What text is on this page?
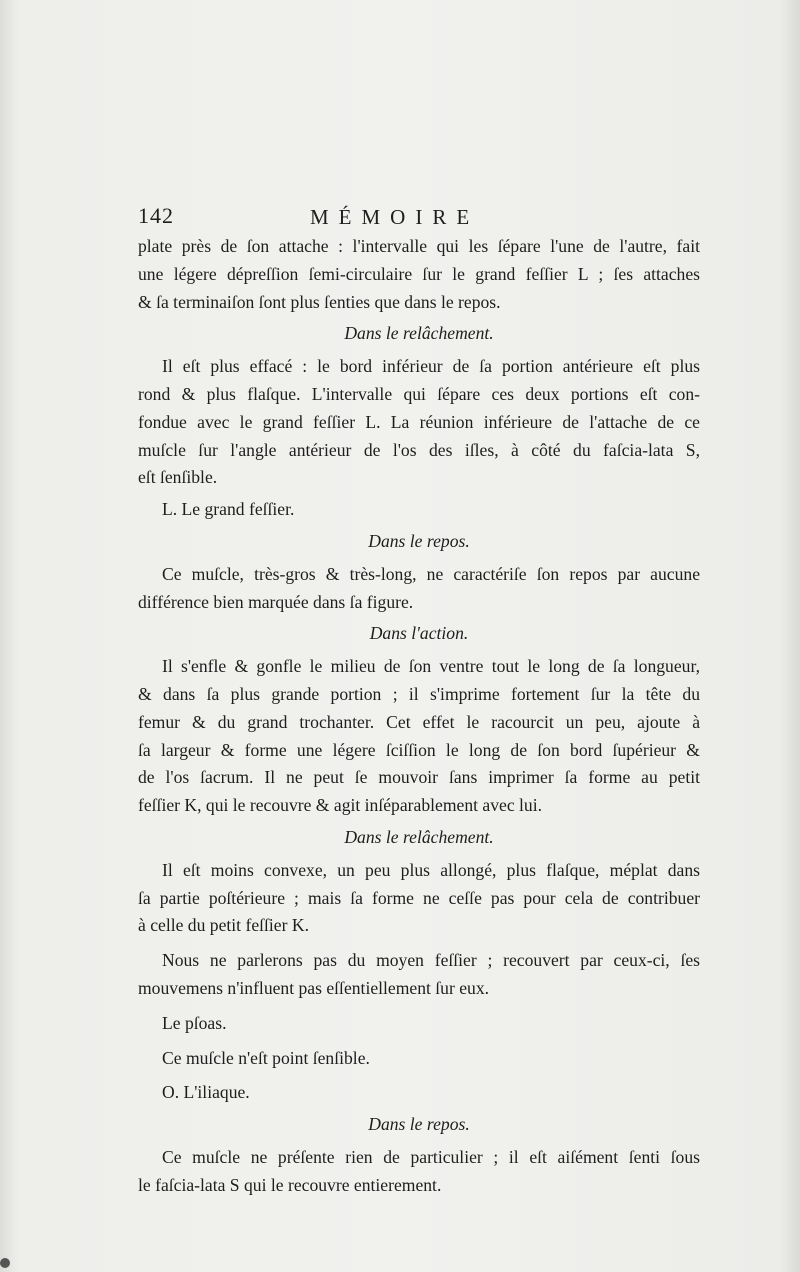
142	MÉMOIRE
plate près de ſon attache : l'intervalle qui les ſépare l'une de l'autre, fait
une légere dépreſſion ſemi-circulaire ſur le grand feſſier L ; ſes attaches
& ſa terminaiſon ſont plus ſenties que dans le repos.
Dans le relâchement.
Il eſt plus effacé : le bord inférieur de ſa portion antérieure eſt plus
rond & plus flaſque. L'intervalle qui ſépare ces deux portions eſt con-
fondue avec le grand feſſier L. La réunion inférieure de l'attache de ce
muſcle ſur l'angle antérieur de l'os des iſles, à côté du faſcia-lata S,
eſt ſenſible.
L. Le grand feſſier.
Dans le repos.
Ce muſcle, très-gros & très-long, ne caractériſe ſon repos par aucune
différence bien marquée dans ſa figure.
Dans l'action.
Il s'enfle & gonfle le milieu de ſon ventre tout le long de ſa longueur,
& dans ſa plus grande portion ; il s'imprime fortement ſur la tête du
femur & du grand trochanter. Cet effet le racourcit un peu, ajoute à
ſa largeur & forme une légere ſciſſion le long de ſon bord ſupérieur &
de l'os ſacrum. Il ne peut ſe mouvoir ſans imprimer ſa forme au petit
feſſier K, qui le recouvre & agit inſéparablement avec lui.
Dans le relâchement.
Il eſt moins convexe, un peu plus allongé, plus flaſque, méplat dans
ſa partie poſtérieure ; mais ſa forme ne ceſſe pas pour cela de contribuer
à celle du petit feſſier K.
Nous ne parlerons pas du moyen feſſier ; recouvert par ceux-ci, ſes
mouvemens n'influent pas eſſentiellement ſur eux.
Le pſoas.
Ce muſcle n'eſt point ſenſible.
O. L'iliaque.
Dans le repos.
Ce muſcle ne préſente rien de particulier ; il eſt aiſément ſenti ſous
le faſcia-lata S qui le recouvre entierement.
